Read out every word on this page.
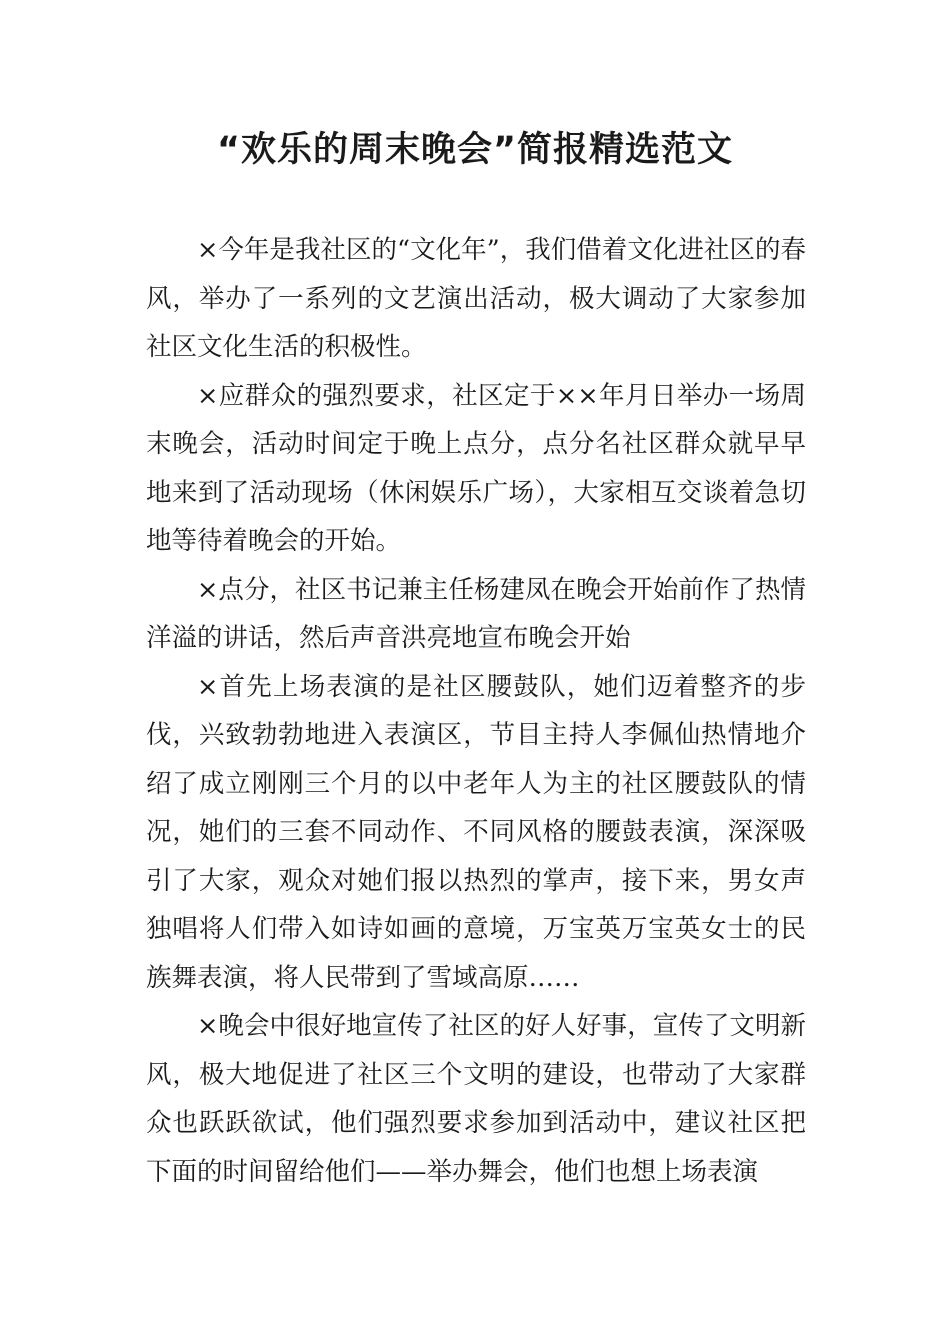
“欢乐的周末晚会”简报精选范文

×今年是我社区的“文化年”，我们借着文化进社区的春风，举办了一系列的文艺演出活动，极大调动了大家参加社区文化生活的积极性。

×应群众的强烈要求，社区定于××年月日举办一场周末晚会，活动时间定于晚上点分，点分名社区群众就早早地来到了活动现场（休闲娱乐广场），大家相互交谈着急切地等待着晚会的开始。

×点分，社区书记兼主任杨建凤在晚会开始前作了热情洋溢的讲话，然后声音洪亮地宣布晚会开始

×首先上场表演的是社区腰鼓队，她们迈着整齐的步伐，兴致勃勃地进入表演区，节目主持人李佩仙热情地介绍了成立刚刚三个月的以中老年人为主的社区腰鼓队的情况，她们的三套不同动作、不同风格的腰鼓表演，深深吸引了大家，观众对她们报以热烈的掌声，接下来，男女声独唱将人们带入如诗如画的意境，万宝英万宝英女士的民族舞表演，将人民带到了雪域高原……

×晚会中很好地宣传了社区的好人好事，宣传了文明新风，极大地促进了社区三个文明的建设，也带动了大家群众也跃跃欲试，他们强烈要求参加到活动中，建议社区把下面的时间留给他们——举办舞会，他们也想上场表演
